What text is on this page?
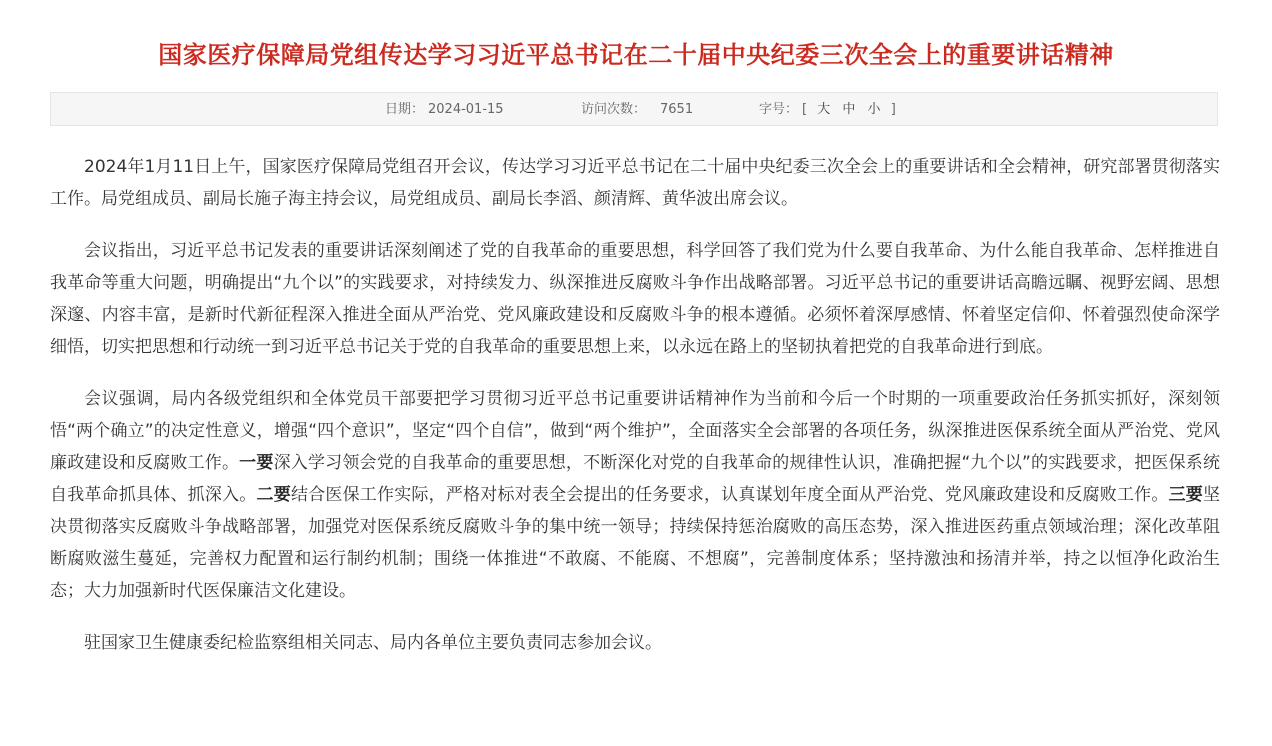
国家医疗保障局党组传达学习习近平总书记在二十届中央纪委三次全会上的重要讲话精神
日期： 2024-01-15	访问次数： 7651	字号： [ 大 中 小 ]

2024年1月11日上午，国家医疗保障局党组召开会议，传达学习习近平总书记在二十届中央纪委三次全会上的重要讲话和全会精神，研究部署贯彻落实工作。局党组成员、副局长施子海主持会议，局党组成员、副局长李滔、颜清辉、黄华波出席会议。

会议指出，习近平总书记发表的重要讲话深刻阐述了党的自我革命的重要思想，科学回答了我们党为什么要自我革命、为什么能自我革命、怎样推进自我革命等重大问题，明确提出“九个以”的实践要求，对持续发力、纵深推进反腐败斗争作出战略部署。习近平总书记的重要讲话高瞻远瞩、视野宏阔、思想深邃、内容丰富，是新时代新征程深入推进全面从严治党、党风廉政建设和反腐败斗争的根本遵循。必须怀着深厚感情、怀着坚定信仰、怀着强烈使命深学细悟，切实把思想和行动统一到习近平总书记关于党的自我革命的重要思想上来，以永远在路上的坚韧执着把党的自我革命进行到底。

会议强调，局内各级党组织和全体党员干部要把学习贯彻习近平总书记重要讲话精神作为当前和今后一个时期的一项重要政治任务抓实抓好，深刻领悟“两个确立”的决定性意义，增强“四个意识”，坚定“四个自信”，做到“两个维护”，全面落实全会部署的各项任务，纵深推进医保系统全面从严治党、党风廉政建设和反腐败工作。一要深入学习领会党的自我革命的重要思想，不断深化对党的自我革命的规律性认识，准确把握“九个以”的实践要求，把医保系统自我革命抓具体、抓深入。二要结合医保工作实际，严格对标对表全会提出的任务要求，认真谋划年度全面从严治党、党风廉政建设和反腐败工作。三要坚决贯彻落实反腐败斗争战略部署，加强党对医保系统反腐败斗争的集中统一领导；持续保持惩治腐败的高压态势，深入推进医药重点领域治理；深化改革阻断腐败滋生蔓延，完善权力配置和运行制约机制；围绕一体推进“不敢腐、不能腐、不想腐”，完善制度体系；坚持激浊和扬清并举，持之以恒净化政治生态；大力加强新时代医保廉洁文化建设。

驻国家卫生健康委纪检监察组相关同志、局内各单位主要负责同志参加会议。
